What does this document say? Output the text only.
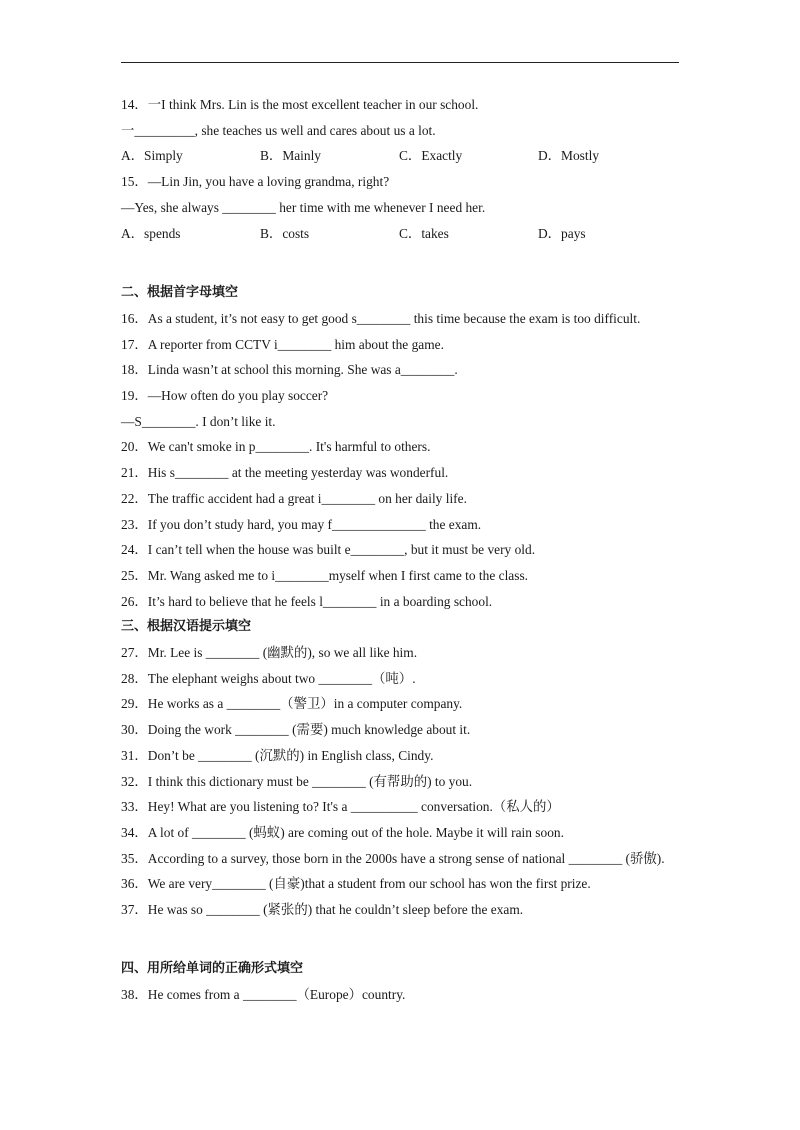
14．一I think Mrs. Lin is the most excellent teacher in our school.
一_________, she teaches us well and cares about us a lot.
A．Simply	B．Mainly	C．Exactly	D．Mostly
15．—Lin Jin, you have a loving grandma, right?
—Yes, she always ________ her time with me whenever I need her.
A．spends	B．costs	C．takes	D．pays
二、根据首字母填空
16．As a student, it’s not easy to get good s________ this time because the exam is too difficult.
17．A reporter from CCTV i________ him about the game.
18．Linda wasn’t at school this morning. She was a________.
19．—How often do you play soccer?
—S________. I don’t like it.
20．We can't smoke in p________. It's harmful to others.
21．His s________ at the meeting yesterday was wonderful.
22．The traffic accident had a great i________ on her daily life.
23．If you don’t study hard, you may f______________ the exam.
24．I can’t tell when the house was built e________, but it must be very old.
25．Mr. Wang asked me to i________myself when I first came to the class.
26．It’s hard to believe that he feels l________ in a boarding school.
三、根据汉语提示填空
27．Mr. Lee is ________ (幽默的), so we all like him.
28．The elephant weighs about two ________（吨）.
29．He works as a ________（警卫）in a computer company.
30．Doing the work ________ (需要) much knowledge about it.
31．Don’t be ________ (沉默的) in English class, Cindy.
32．I think this dictionary must be ________ (有帮助的) to you.
33．Hey! What are you listening to? It's a __________ conversation.（私人的）
34．A lot of ________ (蚂蚁) are coming out of the hole. Maybe it will rain soon.
35．According to a survey, those born in the 2000s have a strong sense of national ________ (骄傲).
36．We are very________ (自豪)that a student from our school has won the first prize.
37．He was so ________ (紧张的) that he couldn’t sleep before the exam.
四、用所给单词的正确形式填空
38．He comes from a ________（Europe）country.
